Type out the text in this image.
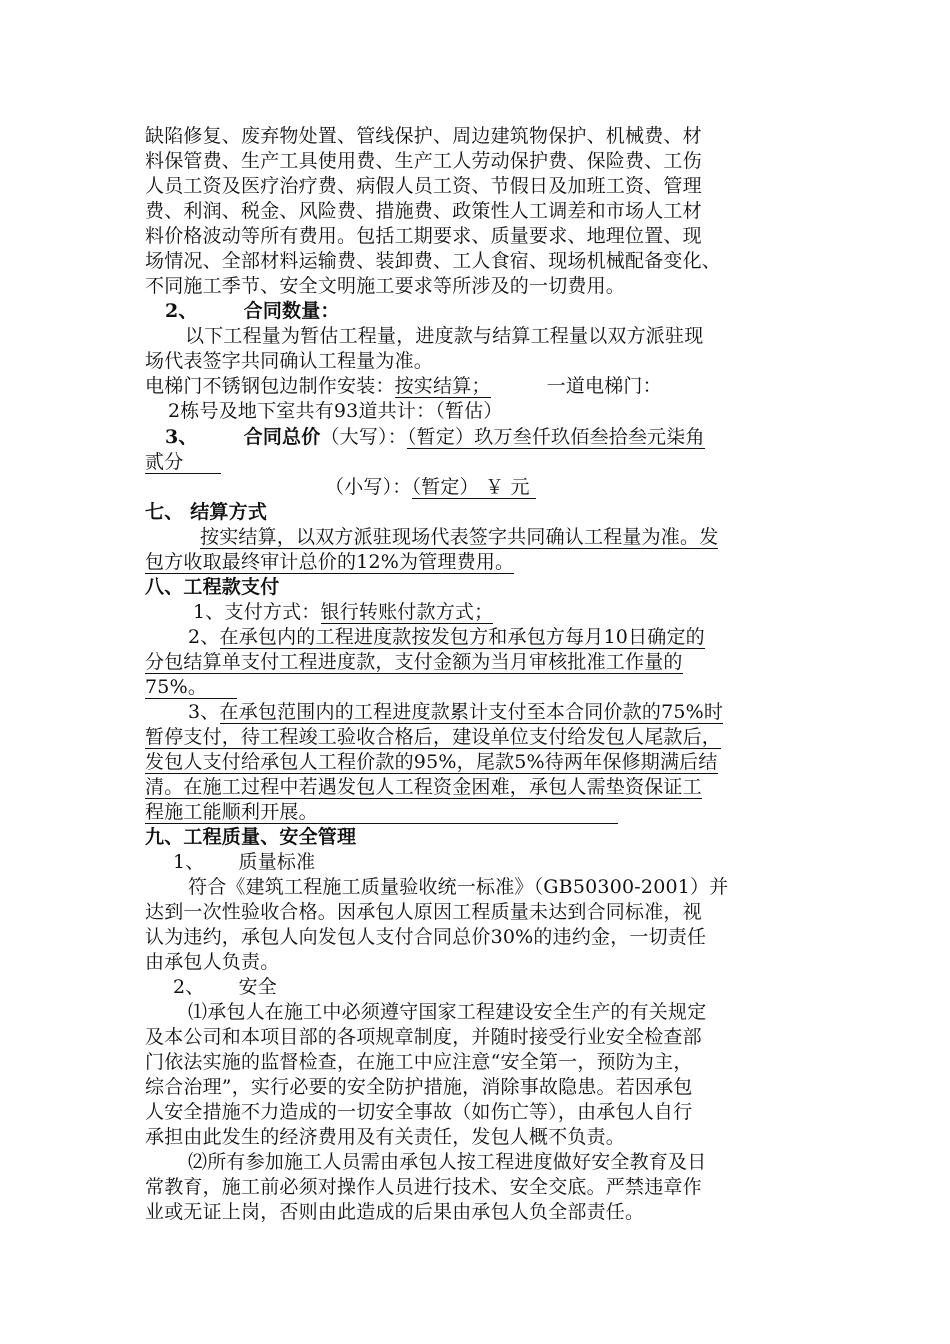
缺陷修复、废弃物处置、管线保护、周边建筑物保护、机械费、材
料保管费、生产工具使用费、生产工人劳动保护费、保险费、工伤
人员工资及医疗治疗费、病假人员工资、节假日及加班工资、管理
费、利润、税金、风险费、措施费、政策性人工调差和市场人工材
料价格波动等所有费用。包括工期要求、质量要求、地理位置、现
场情况、全部材料运输费、装卸费、工人食宿、现场机械配备变化、
不同施工季节、安全文明施工要求等所涉及的一切费用。
2、 合同数量：
以下工程量为暂估工程量，进度款与结算工程量以双方派驻现
场代表签字共同确认工程量为准。
电梯门不锈钢包边制作安装：按实结算；	一道电梯门：
2栋号及地下室共有93道共计：（暂估）
3、 合同总价（大写）：（暂定）玖万叁仟玖佰叁拾叁元柒角
贰分
（小写）：（暂定） ￥ 元
七、 结算方式
按实结算，以双方派驻现场代表签字共同确认工程量为准。发
包方收取最终审计总价的12%为管理费用。
八、工程款支付
1、支付方式：银行转账付款方式；
2、在承包内的工程进度款按发包方和承包方每月10日确定的
分包结算单支付工程进度款，支付金额为当月审核批准工作量的
75%。
3、在承包范围内的工程进度款累计支付至本合同价款的75%时
暂停支付，待工程竣工验收合格后，建设单位支付给发包人尾款后，
发包人支付给承包人工程价款的95%，尾款5%待两年保修期满后结
清。在施工过程中若遇发包人工程资金困难，承包人需垫资保证工
程施工能顺利开展。
九、工程质量、安全管理
1、 质量标准
符合《建筑工程施工质量验收统一标准》（GB50300-2001）并
达到一次性验收合格。因承包人原因工程质量未达到合同标准，视
认为违约，承包人向发包人支付合同总价30%的违约金，一切责任
由承包人负责。
2、 安全
⑴承包人在施工中必须遵守国家工程建设安全生产的有关规定
及本公司和本项目部的各项规章制度，并随时接受行业安全检查部
门依法实施的监督检查，在施工中应注意“安全第一，预防为主，
综合治理”，实行必要的安全防护措施，消除事故隐患。若因承包
人安全措施不力造成的一切安全事故（如伤亡等），由承包人自行
承担由此发生的经济费用及有关责任，发包人概不负责。
⑵所有参加施工人员需由承包人按工程进度做好安全教育及日
常教育，施工前必须对操作人员进行技术、安全交底。严禁违章作
业或无证上岗，否则由此造成的后果由承包人负全部责任。
